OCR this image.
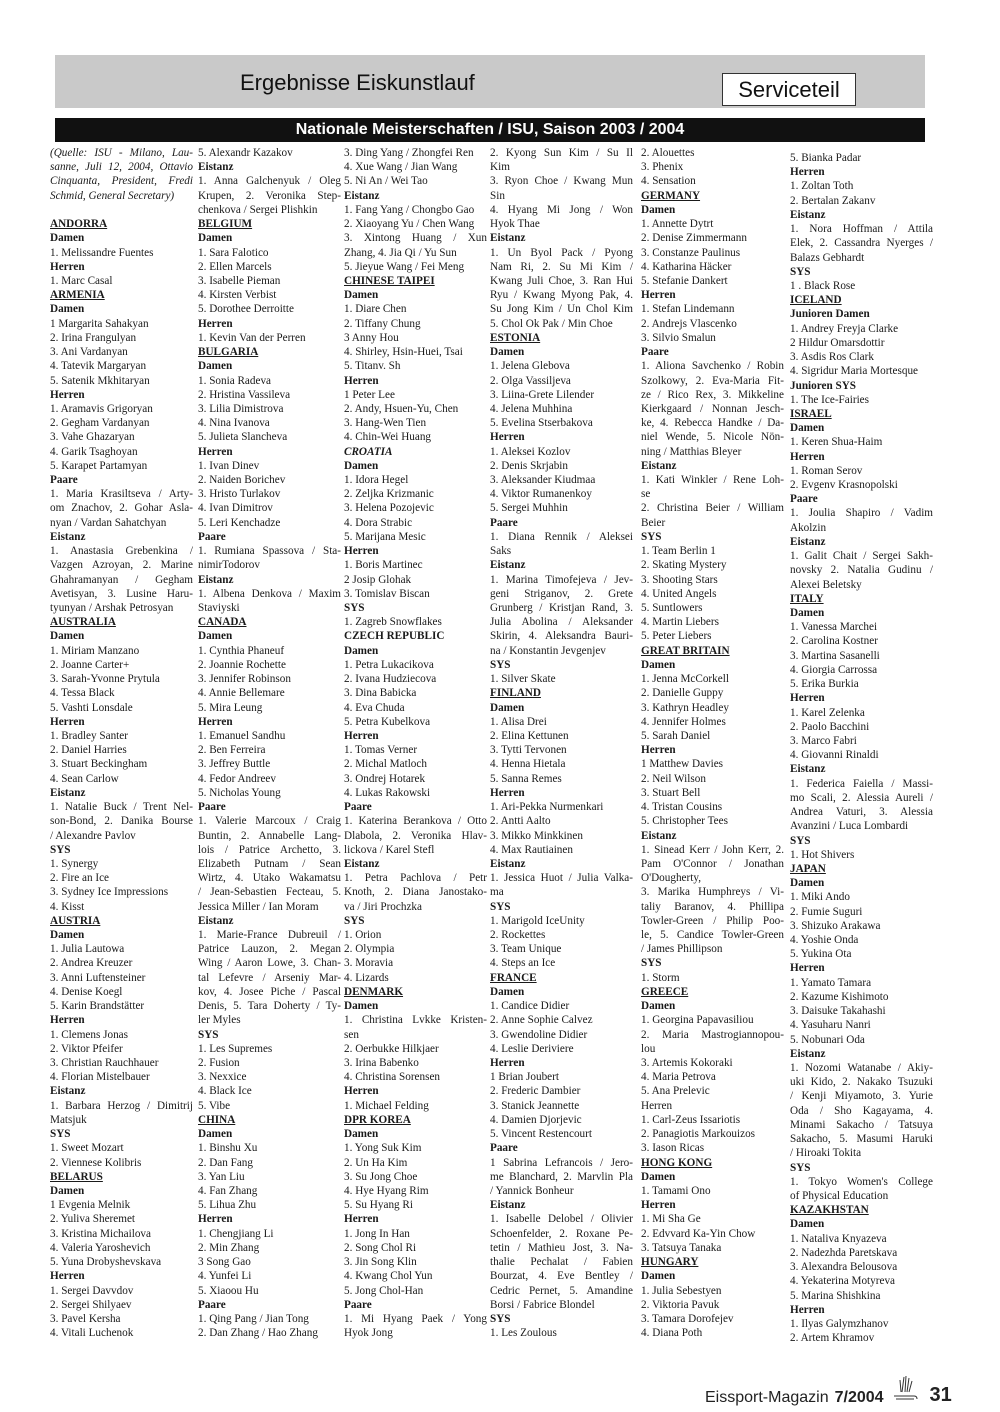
Ergebnisse Eiskunstlauf	Serviceteil
Nationale Meisterschaften / ISU, Saison 2003 / 2004
(Quelle: ISU - Milano, Lau-
sanne, Juli 12, 2004, Ottavio
Cinquanta, President, Fredi
Schmid, General Secretary)
ANDORRA
Damen
1. Melissandre Fuentes
Herren
1. Marc Casal
ARMENIA
Damen
1 Margarita Sahakyan
2. Irina Frangulyan
3. Ani Vardanyan
4. Tatevik Margaryan
5. Satenik Mkhitaryan
Herren
1. Aramavis Grigoryan
2. Gegham Vardanyan
3. Vahe Ghazaryan
4. Garik Tsaghoyan
5. Karapet Partamyan
Paare
1. Maria Krasiltseva / Arty-
om Znachov, 2. Gohar Asla-
nyan / Vardan Sahatchyan
Eistanz
1. Anastasia Grebenkina /
Vazgen Azroyan, 2. Marine
Ghahramanyan / Gegham
Avetisyan, 3. Lusine Haru-
tyunyan / Arshak Petrosyan
AUSTRALIA
Damen
1. Miriam Manzano
2. Joanne Carter+
3. Sarah-Yvonne Prytula
4. Tessa Black
5. Vashti Lonsdale
Herren
1. Bradley Santer
2. Daniel Harries
3. Stuart Beckingham
4. Sean Carlow
Eistanz
1. Natalie Buck / Trent Nel-
son-Bond, 2. Danika Bourse
/ Alexandre Pavlov
SYS
1. Synergy
2. Fire an Ice
3. Sydney Ice Impressions
4. Kisst
AUSTRIA
Damen
1. Julia Lautowa
2. Andrea Kreuzer
3. Anni Luftensteiner
4. Denise Koegl
5. Karin Brandstätter
Herren
1. Clemens Jonas
2. Viktor Pfeifer
3. Christian Rauchhauer
4. Florian Mistelbauer
Eistanz
1. Barbara Herzog / Dimitrij
Matsjuk
SYS
1. Sweet Mozart
2. Viennese Kolibris
BELARUS
Damen
1 Evgenia Melnik
2. Yuliva Sheremet
3. Kristina Michailova
4. Valeria Yaroshevich
5. Yuna Drobyshevskava
Herren
1. Sergei Davvdov
2. Sergei Shilyaev
3. Pavel Kersha
4. Vitali Luchenok
5. Alexandr Kazakov
Eistanz
1. Anna Galchenyuk / Oleg
Krupen, 2. Veronika Step-
chenkova / Sergei Plishkin
BELGIUM
Damen
1. Sara Falotico
2. Ellen Marcels
3. Isabelle Pieman
4. Kirsten Verbist
5. Dorothee Derroitte
Herren
1. Kevin Van der Perren
BULGARIA
Damen
1. Sonia Radeva
2. Hristina Vassileva
3. Lilia Dimistrova
4. Nina Ivanova
5. Julieta Slancheva
Herren
1. Ivan Dinev
2. Naiden Borichev
3. Hristo Turlakov
4. Ivan Dimitrov
5. Leri Kenchadze
Paare
1. Rumiana Spassova / Sta-
nimirTodorov
Eistanz
1. Albena Denkova / Maxim
Staviyski
CANADA
Damen
1. Cynthia Phaneuf
2. Joannie Rochette
3. Jennifer Robinson
4. Annie Bellemare
5. Mira Leung
Herren
1. Emanuel Sandhu
2. Ben Ferreira
3. Jeffrey Buttle
4. Fedor Andreev
5. Nicholas Young
Paare
1. Valerie Marcoux / Craig
Buntin, 2. Annabelle Lang-
lois / Patrice Archetto, 3.
Elizabeth Putnam / Sean
Wirtz, 4. Utako Wakamatsu
/ Jean-Sebastien Fecteau, 5.
Jessica Miller / Ian Moram
Eistanz
1. Marie-France Dubreuil /
Patrice Lauzon, 2. Megan
Wing / Aaron Lowe, 3. Chan-
tal Lefevre / Arseniy Mar-
kov, 4. Josee Piche / Pascal
Denis, 5. Tara Doherty / Ty-
ler Myles
SYS
1. Les Supremes
2. Fusion
3. Nexxice
4. Black Ice
5. Vibe
CHINA
Damen
1. Binshu Xu
2. Dan Fang
3. Yan Liu
4. Fan Zhang
5. Lihua Zhu
Herren
1. Chengjiang Li
2. Min Zhang
3 Song Gao
4. Yunfei Li
5. Xiaoou Hu
Paare
1. Qing Pang / Jian Tong
2. Dan Zhang / Hao Zhang
3. Ding Yang / Zhongfei Ren
4. Xue Wang / Jian Wang
5. Ni An / Wei Tao
Eistanz
1. Fang Yang / Chongbo Gao
2. Xiaoyang Yu / Chen Wang
3. Xintong Huang / Xun
Zhang, 4. Jia Qi / Yu Sun
5. Jieyue Wang / Fei Meng
CHINESE TAIPEI
Damen
1. Diare Chen
2. Tiffany Chung
3 Anny Hou
4. Shirley, Hsin-Huei, Tsai
5. Titanv. Sh
Herren
1 Peter Lee
2. Andy, Hsuen-Yu, Chen
3. Hang-Wen Tien
4. Chin-Wei Huang
CROATIA
Damen
1. Idora Hegel
2. Zeljka Krizmanic
3. Helena Pozojevic
4. Dora Strabic
5. Marijana Mesic
Herren
1. Boris Martinec
2 Josip Glohak
3. Tomislav Biscan
SYS
1. Zagreb Snowflakes
CZECH REPUBLIC
Damen
1. Petra Lukacikova
2. Ivana Hudziecova
3. Dina Babicka
4. Eva Chuda
5. Petra Kubelkova
Herren
1. Tomas Verner
2. Michal Matloch
3. Ondrej Hotarek
4. Lukas Rakowski
Paare
1. Katerina Berankova / Otto
Dlabola, 2. Veronika Hlav-
lickova / Karel Stefl
Eistanz
1. Petra Pachlova / Petr
Knoth, 2. Diana Janostako-
va / Jiri Prochzka
SYS
1. Orion
2. Olympia
3. Moravia
4. Lizards
DENMARK
Damen
1. Christina Lvkke Kristen-
sen
2. Oerbukke Hilkjaer
3. Irina Babenko
4. Christina Sorensen
Herren
1. Michael Felding
DPR KOREA
Damen
1. Yong Suk Kim
2. Un Ha Kim
3. Su Jong Choe
4. Hye Hyang Rim
5. Su Hyang Ri
Herren
1. Jong In Han
2. Song Chol Ri
3. Jin Song Klin
4. Kwang Chol Yun
5. Jong Chol-Han
Paare
1. Mi Hyang Paek / Yong
Hyok Jong
2. Kyong Sun Kim / Su Il
Kim
3. Ryon Choe / Kwang Mun
Sin
4. Hyang Mi Jong / Won
Hyok Thae
Eistanz
1. Un Byol Pack / Pyong
Nam Ri, 2. Su Mi Kim /
Kwang Juli Choe, 3. Ran Hui
Ryu / Kwang Myong Pak, 4.
Su Jong Kim / Un Chol Kim
5. Chol Ok Pak / Min Choe
ESTONIA
Damen
1. Jelena Glebova
2. Olga Vassiljeva
3. Liina-Grete Lilender
4. Jelena Muhhina
5. Evelina Stserbakova
Herren
1. Aleksei Kozlov
2. Denis Skrjabin
3. Aleksander Kiudmaa
4. Viktor Rumanenkoy
5. Sergei Muhhin
Paare
1. Diana Rennik / Aleksei
Saks
Eistanz
1. Marina Timofejeva / Jev-
geni Striganov, 2. Grete
Grunberg / Kristjan Rand, 3.
Julia Abolina / Aleksander
Skirin, 4. Aleksandra Bauri-
na / Konstantin Jevgenjev
SYS
1. Silver Skate
FINLAND
Damen
1. Alisa Drei
2. Elina Kettunen
3. Tytti Tervonen
4. Henna Hietala
5. Sanna Remes
Herren
1. Ari-Pekka Nurmenkari
2. Antti Aalto
3. Mikko Minkkinen
4. Max Rautiainen
Eistanz
1. Jessica Huot / Julia Valka-
ma
SYS
1. Marigold IceUnity
2. Rockettes
3. Team Unique
4. Steps an Ice
FRANCE
Damen
1. Candice Didier
2. Anne Sophie Calvez
3. Gwendoline Didier
4. Leslie Deriviere
Herren
1 Brian Joubert
2. Frederic Dambier
3. Stanick Jeannette
4. Damien Djorjevic
5. Vincent Restencourt
Paare
1 Sabrina Lefrancois / Jero-
me Blanchard, 2. Marvlin Pla
/ Yannick Bonheur
Eistanz
1. Isabelle Delobel / Olivier
Schoenfelder, 2. Roxane Pe-
tetin / Mathieu Jost, 3. Na-
thalie Pechalat / Fabien
Bourzat, 4. Eve Bentley /
Cedric Pernet, 5. Amandine
Borsi / Fabrice Blondel
SYS
1. Les Zoulous
2. Alouettes
3. Phenix
4. Sensation
GERMANY
Damen
1. Annette Dytrt
2. Denise Zimmermann
3. Constanze Paulinus
4. Katharina Häcker
5. Stefanie Dankert
Herren
1. Stefan Lindemann
2. Andrejs Vlascenko
3. Silvio Smalun
Paare
1. Aliona Savchenko / Robin
Szolkowy, 2. Eva-Maria Fit-
ze / Rico Rex, 3. Mikkeline
Kierkgaard / Nonnan Jesch-
ke, 4. Rebecca Handke / Da-
niel Wende, 5. Nicole Nön-
ning / Matthias Bleyer
Eistanz
1. Kati Winkler / Rene Loh-
se
2. Christina Beier / William
Beier
SYS
1. Team Berlin 1
2. Skating Mystery
3. Shooting Stars
4. United Angels
5. Suntlowers
4. Martin Liebers
5. Peter Liebers
GREAT BRITAIN
Damen
1. Jenna McCorkell
2. Danielle Guppy
3. Kathryn Headley
4. Jennifer Holmes
5. Sarah Daniel
Herren
1 Matthew Davies
2. Neil Wilson
3. Stuart Bell
4. Tristan Cousins
5. Christopher Tees
Eistanz
1. Sinead Kerr / John Kerr, 2.
Pam O'Connor / Jonathan
O'Dougherty,
3. Marika Humphreys / Vi-
taliy Baranov, 4. Phillipa
Towler-Green / Philip Poo-
le, 5. Candice Towler-Green
/ James Phillipson
SYS
1. Storm
GREECE
Damen
1. Georgina Papavasiliou
2. Maria Mastrogiannopou-
lou
3. Artemis Kokoraki
4. Maria Petrova
5. Ana Prelevic
Herren
1. Carl-Zeus Issariotis
2. Panagiotis Markouizos
3. Iason Ricas
HONG KONG
Damen
1. Tamami Ono
Herren
1. Mi Sha Ge
2. Edvvard Ka-Yin Chow
3. Tatsuya Tanaka
HUNGARY
Damen
1. Julia Sebestyen
2. Viktoria Pavuk
3. Tamara Dorofejev
4. Diana Poth
5. Bianka Padar
Herren
1. Zoltan Toth
2. Bertalan Zakanv
Eistanz
1. Nora Hoffman / Attila
Elek, 2. Cassandra Nyerges /
Balazs Gebhardt
SYS
1 . Black Rose
ICELAND
Junioren Damen
1. Andrey Freyja Clarke
2 Hildur Omarsdottir
3. Asdis Ros Clark
4. Sigridur Maria Mortesque
Junioren SYS
1. The Ice-Fairies
ISRAEL
Damen
1. Keren Shua-Haim
Herren
1. Roman Serov
2. Evgenv Krasnopolski
Paare
1. Joulia Shapiro / Vadim
Akolzin
Eistanz
1. Galit Chait / Sergei Sakh-
novsky 2. Natalia Gudinu /
Alexei Beletsky
ITALY
Damen
1. Vanessa Marchei
2. Carolina Kostner
3. Martina Sasanelli
4. Giorgia Carrossa
5. Erika Burkia
Herren
1. Karel Zelenka
2. Paolo Bacchini
3. Marco Fabri
4. Giovanni Rinaldi
Eistanz
1. Federica Faiella / Massi-
mo Scali, 2. Alessia Aureli /
Andrea Vaturi, 3. Alessia
Avanzini / Luca Lombardi
SYS
1. Hot Shivers
JAPAN
Damen
1. Miki Ando
2. Fumie Suguri
3. Shizuko Arakawa
4. Yoshie Onda
5. Yukina Ota
Herren
1. Yamato Tamara
2. Kazume Kishimoto
3. Daisuke Takahashi
4. Yasuharu Nanri
5. Nobunari Oda
Eistanz
1. Nozomi Watanabe / Akiy-
uki Kido, 2. Nakako Tsuzuki
/ Kenji Miyamoto, 3. Yurie
Oda / Sho Kagayama, 4.
Minami Sakacho / Tatsuya
Sakacho, 5. Masumi Haruki
/ Hiroaki Tokita
SYS
1. Tokyo Women's College
of Physical Education
KAZAKHSTAN
Damen
1. Nataliva Knyazeva
2. Nadezhda Paretskava
3. Alexandra Belousova
4. Yekaterina Motyreva
5. Marina Shishkina
Herren
1. Ilyas Galymzhanov
2. Artem Khramov
Eissport-Magazin 7/2004 31
